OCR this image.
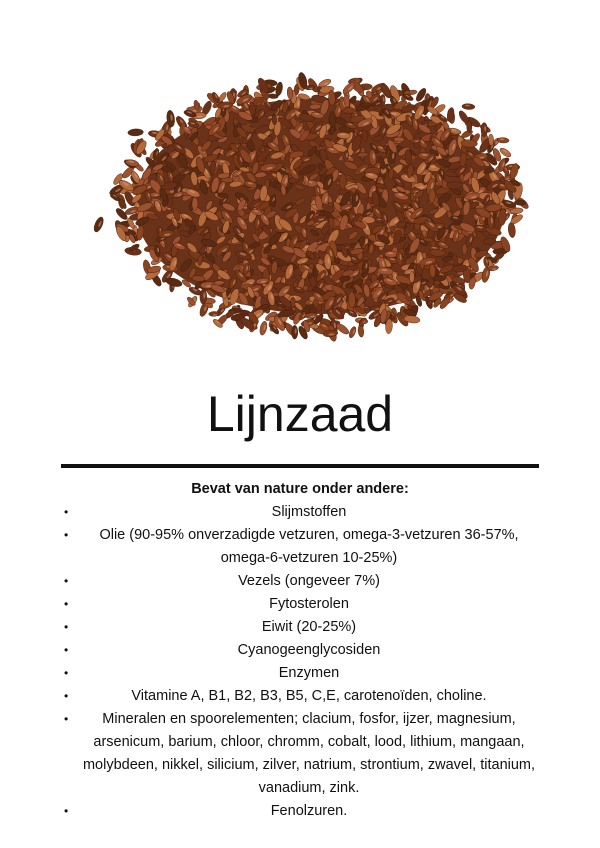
Lijnzaad
Bevat van nature onder andere:
•	Slijmstoffen
• Olie (90-95% onverzadigde vetzuren, omega-3-vetzuren 36-57%, omega-6-vetzuren 10-25%)
•	Vezels (ongeveer 7%)
•	Fytosterolen
•	Eiwit (20-25%)
•	Cyanogeenglycosiden
•	Enzymen
•	Vitamine A, B1, B2, B3, B5, C,E, carotenoïden, choline.
• Mineralen en spoorelementen; clacium, fosfor, ijzer, magnesium, arsenicum, barium, chloor, chromm, cobalt, lood, lithium, mangaan, molybdeen, nikkel, silicium, zilver, natrium, strontium, zwavel, titanium, vanadium, zink.
•	Fenolzuren.
